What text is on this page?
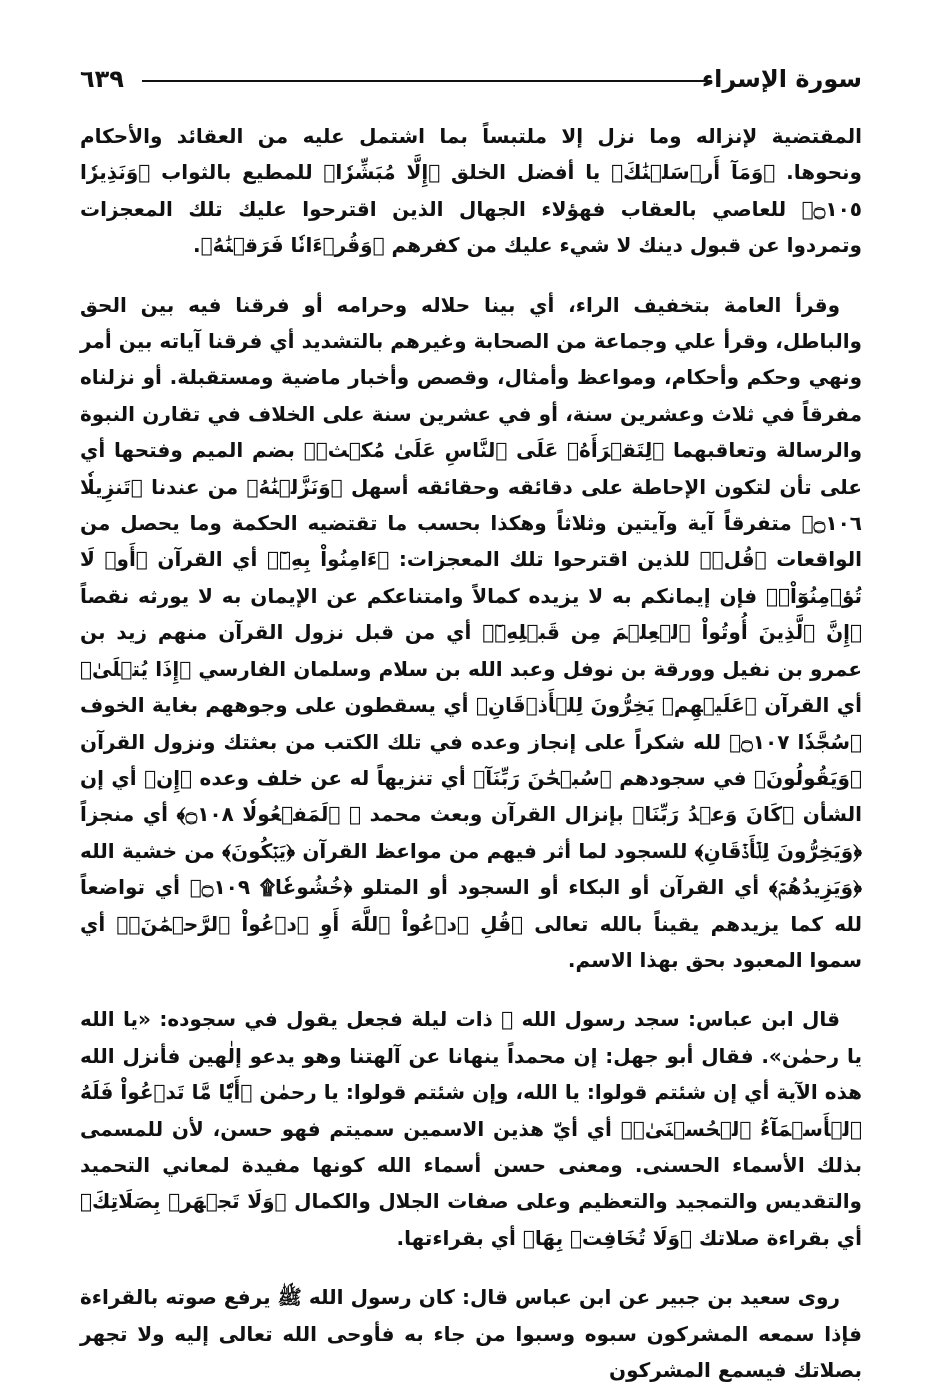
سورة الإسراء
٦٣٩

المقتضية لإنزاله وما نزل إلا ملتبساً بما اشتمل عليه من العقائد والأحكام ونحوها. ﴿وَمَآ أَرۡسَلۡنَٰكَ﴾ يا أفضل الخلق ﴿إِلَّا مُبَشِّرٗا﴾ للمطيع بالثواب ﴿وَنَذِيرٗا ۝١٠٥﴾ للعاصي بالعقاب فهؤلاء الجهال الذين اقترحوا عليك تلك المعجزات وتمردوا عن قبول دينك لا شيء عليك من كفرهم ﴿وَقُرۡءَانٗا فَرَقۡنَٰهُ﴾.

وقرأ العامة بتخفيف الراء، أي بينا حلاله وحرامه أو فرقنا فيه بين الحق والباطل، وقرأ علي وجماعة من الصحابة وغيرهم بالتشديد أي فرقنا آياته بين أمر ونهي وحكم وأحكام، ومواعظ وأمثال، وقصص وأخبار ماضية ومستقبلة. أو نزلناه مفرقاً في ثلاث وعشرين سنة، أو في عشرين سنة على الخلاف في تقارن النبوة والرسالة وتعاقبهما ﴿لِتَقۡرَأَهُۥ عَلَى ٱلنَّاسِ عَلَىٰ مُكۡثٖ﴾ بضم الميم وفتحها أي على تأن لتكون الإحاطة على دقائقه وحقائقه أسهل ﴿وَنَزَّلۡنَٰهُ﴾ من عندنا ﴿تَنزِيلٗا ۝١٠٦﴾ متفرقاً آية وآيتين وثلاثاً وهكذا بحسب ما تقتضيه الحكمة وما يحصل من الواقعات ﴿قُلۡ﴾ للذين اقترحوا تلك المعجزات: ﴿ءَامِنُواْ بِهِۦٓ﴾ أي القرآن ﴿أَوۡ لَا تُؤۡمِنُوٓاْۚ﴾ فإن إيمانكم به لا يزيده كمالاً وامتناعكم عن الإيمان به لا يورثه نقصاً ﴿إِنَّ ٱلَّذِينَ أُوتُواْ ٱلۡعِلۡمَ مِن قَبۡلِهِۦٓ﴾ أي من قبل نزول القرآن منهم زيد بن عمرو بن نفيل وورقة بن نوفل وعبد الله بن سلام وسلمان الفارسي ﴿إِذَا يُتۡلَىٰ﴾ أي القرآن ﴿عَلَيۡهِمۡ يَخِرُّونَ لِلۡأَذۡقَانِ﴾ أي يسقطون على وجوههم بغاية الخوف ﴿سُجَّدٗا ۝١٠٧﴾ لله شكراً على إنجاز وعده في تلك الكتب من بعثتك ونزول القرآن ﴿وَيَقُولُونَ﴾ في سجودهم ﴿سُبۡحَٰنَ رَبِّنَآ﴾ أي تنزيهاً له عن خلف وعده ﴿إِن﴾ أي إن الشأن ﴿كَانَ وَعۡدُ رَبِّنَا﴾ بإنزال القرآن وبعث محمد ﷺ ﴿لَمَفۡعُولٗا ۝١٠٨﴾ أي منجزاً ﴿وَيَخِرُّونَ لِلۡأَذۡقَانِ﴾ للسجود لما أثر فيهم من مواعظ القرآن ﴿يَبۡكُونَ﴾ من خشية الله ﴿وَيَزِيدُهُمۡ﴾ أي القرآن أو البكاء أو السجود أو المتلو ﴿خُشُوعٗا۩ ۝١٠٩﴾ أي تواضعاً لله كما يزيدهم يقيناً بالله تعالى ﴿قُلِ ٱدۡعُواْ ٱللَّهَ أَوِ ٱدۡعُواْ ٱلرَّحۡمَٰنَۖ﴾ أي سموا المعبود بحق بهذا الاسم.

قال ابن عباس: سجد رسول الله ﷺ ذات ليلة فجعل يقول في سجوده: «يا الله يا رحمٰن». فقال أبو جهل: إن محمداً ينهانا عن آلهتنا وهو يدعو إلٰهين فأنزل الله هذه الآية أي إن شئتم قولوا: يا الله، وإن شئتم قولوا: يا رحمٰن ﴿أَيّٗا مَّا تَدۡعُواْ فَلَهُ ٱلۡأَسۡمَآءُ ٱلۡحُسۡنَىٰۚ﴾ أي أيّ هذين الاسمين سميتم فهو حسن، لأن للمسمى بذلك الأسماء الحسنى. ومعنى حسن أسماء الله كونها مفيدة لمعاني التحميد والتقديس والتمجيد والتعظيم وعلى صفات الجلال والكمال ﴿وَلَا تَجۡهَرۡ بِصَلَاتِكَ﴾ أي بقراءة صلاتك ﴿وَلَا تُخَافِتۡ بِهَا﴾ أي بقراءتها.

روى سعيد بن جبير عن ابن عباس قال: كان رسول الله ﷺ يرفع صوته بالقراءة فإذا سمعه المشركون سبوه وسبوا من جاء به فأوحى الله تعالى إليه ولا تجهر بصلاتك فيسمع المشركون
